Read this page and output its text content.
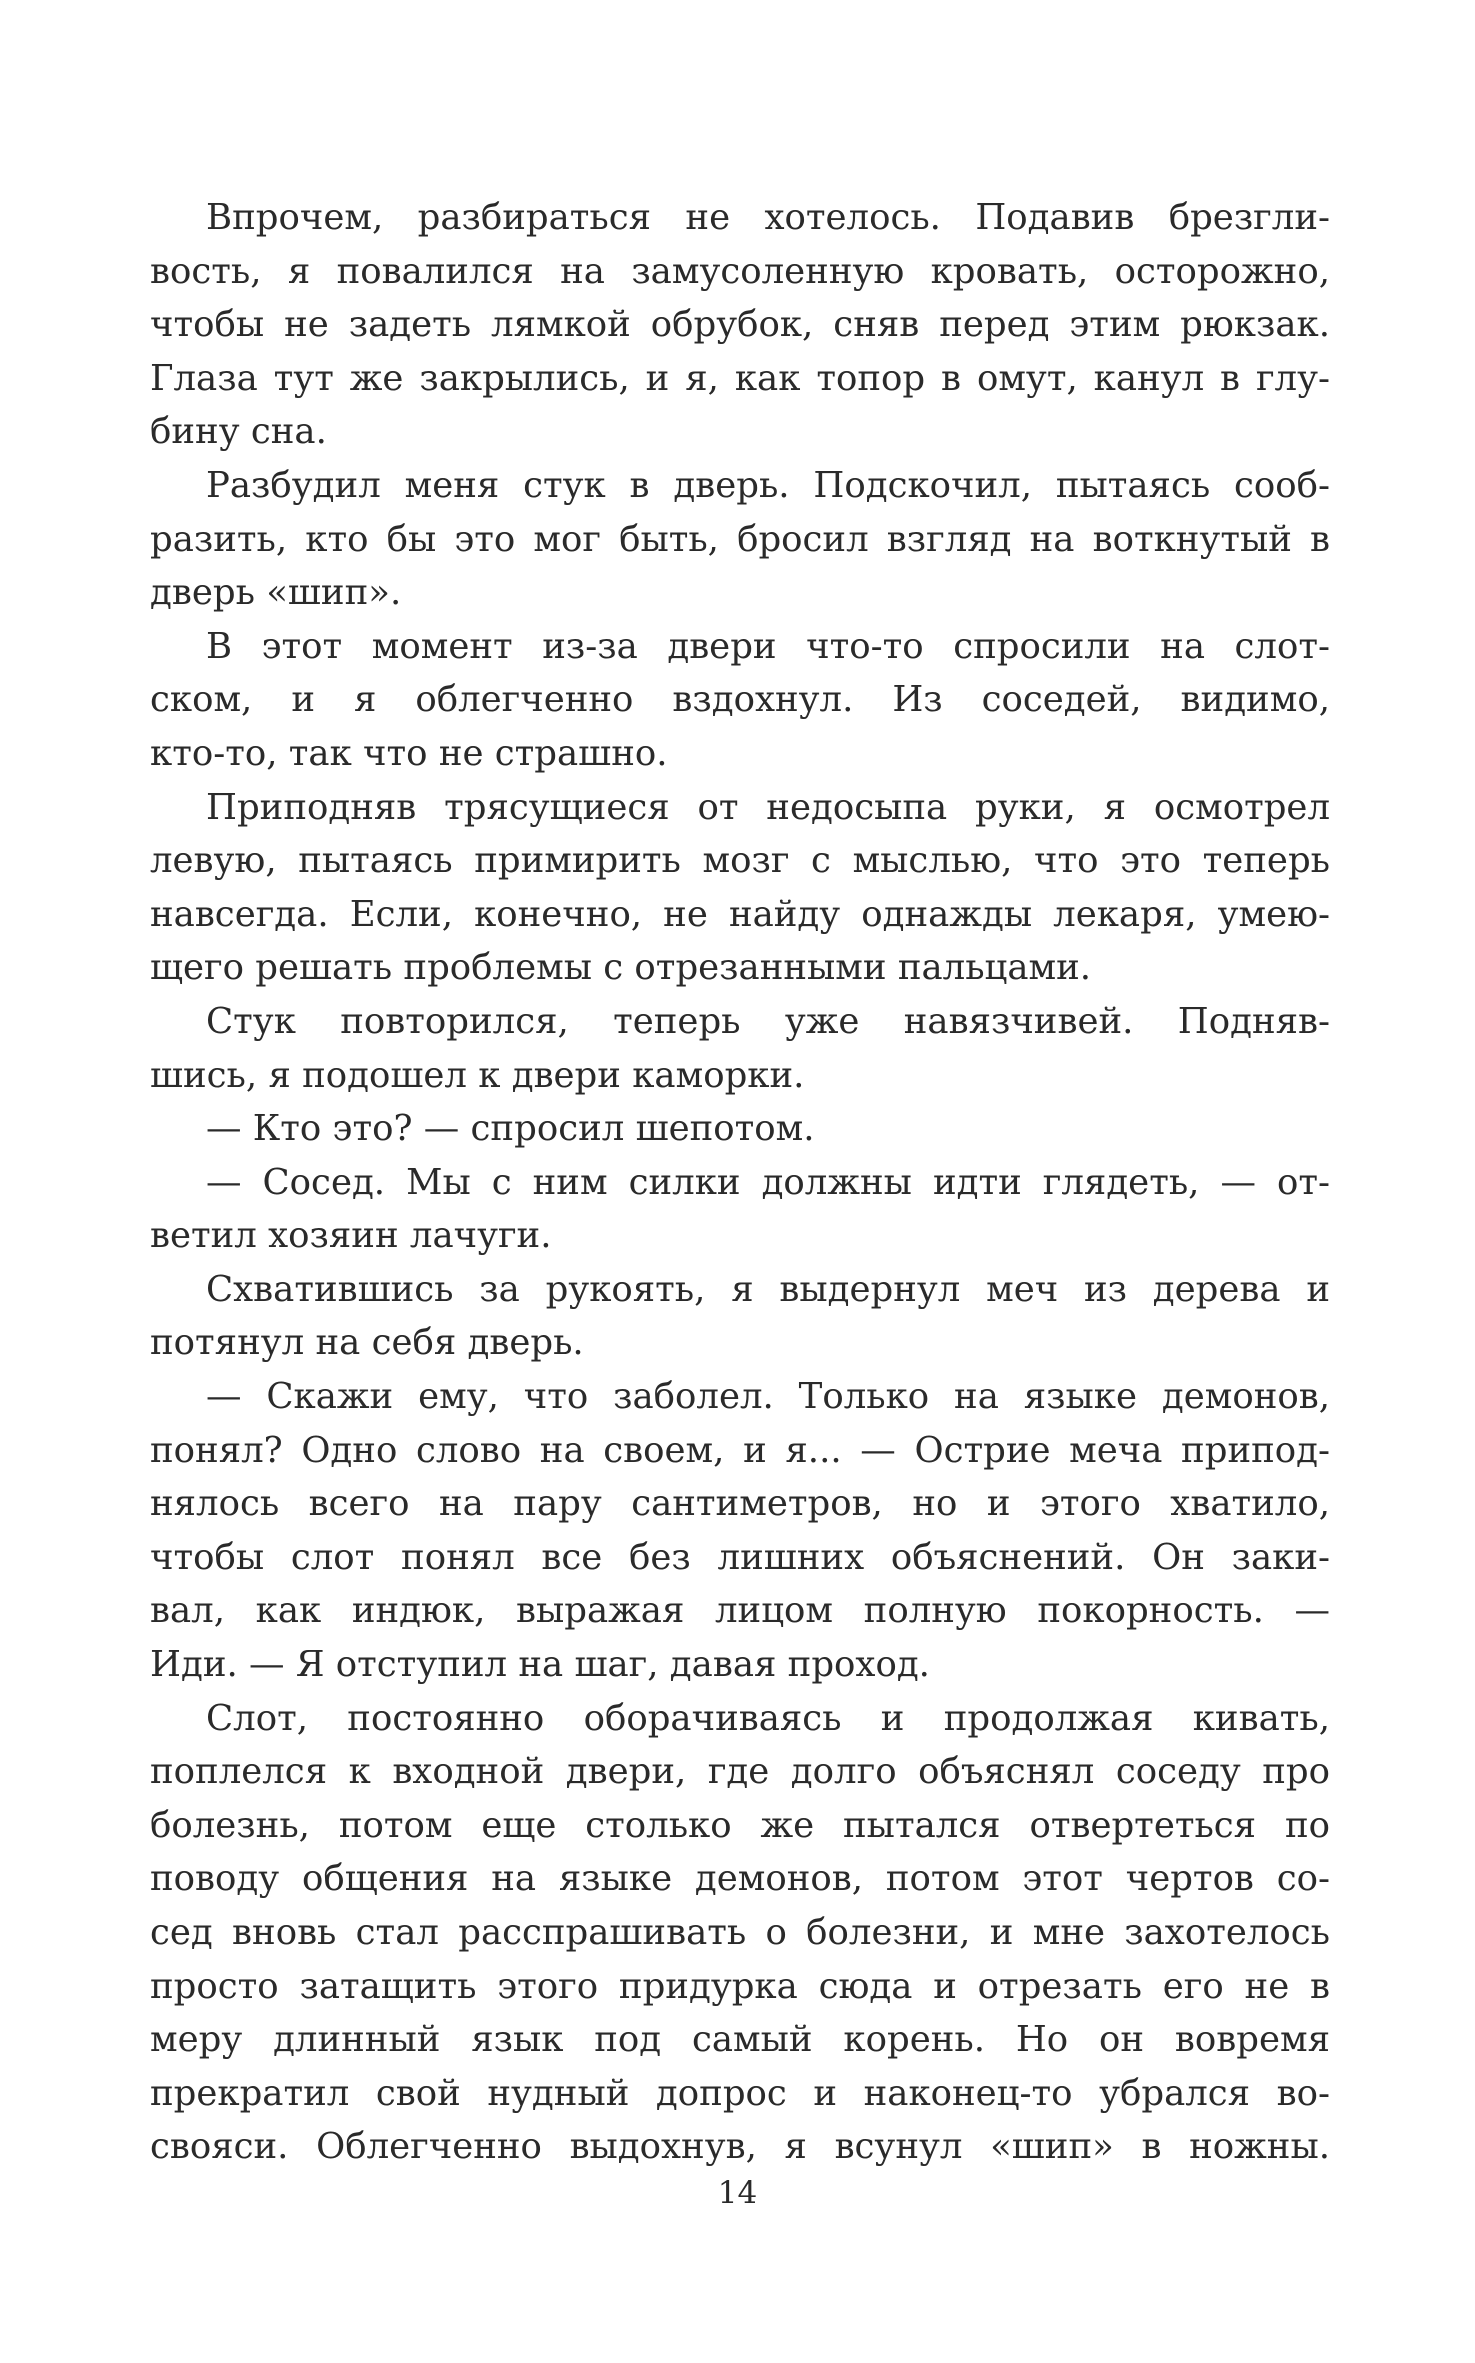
Впрочем, разбираться не хотелось. Подавив брезгли-
вость, я повалился на замусоленную кровать, осторожно,
чтобы не задеть лямкой обрубок, сняв перед этим рюкзак.
Глаза тут же закрылись, и я, как топор в омут, канул в глу-
бину сна.
Разбудил меня стук в дверь. Подскочил, пытаясь сооб-
разить, кто бы это мог быть, бросил взгляд на воткнутый в
дверь «шип».
В этот момент из-за двери что-то спросили на слот-
ском, и я облегченно вздохнул. Из соседей, видимо,
кто-то, так что не страшно.
Приподняв трясущиеся от недосыпа руки, я осмотрел
левую, пытаясь примирить мозг с мыслью, что это теперь
навсегда. Если, конечно, не найду однажды лекаря, умею-
щего решать проблемы с отрезанными пальцами.
Стук повторился, теперь уже навязчивей. Подняв-
шись, я подошел к двери каморки.
— Кто это? — спросил шепотом.
— Сосед. Мы с ним силки должны идти глядеть, — от-
ветил хозяин лачуги.
Схватившись за рукоять, я выдернул меч из дерева и
потянул на себя дверь.
— Скажи ему, что заболел. Только на языке демонов,
понял? Одно слово на своем, и я... — Острие меча припод-
нялось всего на пару сантиметров, но и этого хватило,
чтобы слот понял все без лишних объяснений. Он заки-
вал, как индюк, выражая лицом полную покорность. —
Иди. — Я отступил на шаг, давая проход.
Слот, постоянно оборачиваясь и продолжая кивать,
поплелся к входной двери, где долго объяснял соседу про
болезнь, потом еще столько же пытался отвертеться по
поводу общения на языке демонов, потом этот чертов со-
сед вновь стал расспрашивать о болезни, и мне захотелось
просто затащить этого придурка сюда и отрезать его не в
меру длинный язык под самый корень. Но он вовремя
прекратил свой нудный допрос и наконец-то убрался во-
свояси. Облегченно выдохнув, я всунул «шип» в ножны.
14
